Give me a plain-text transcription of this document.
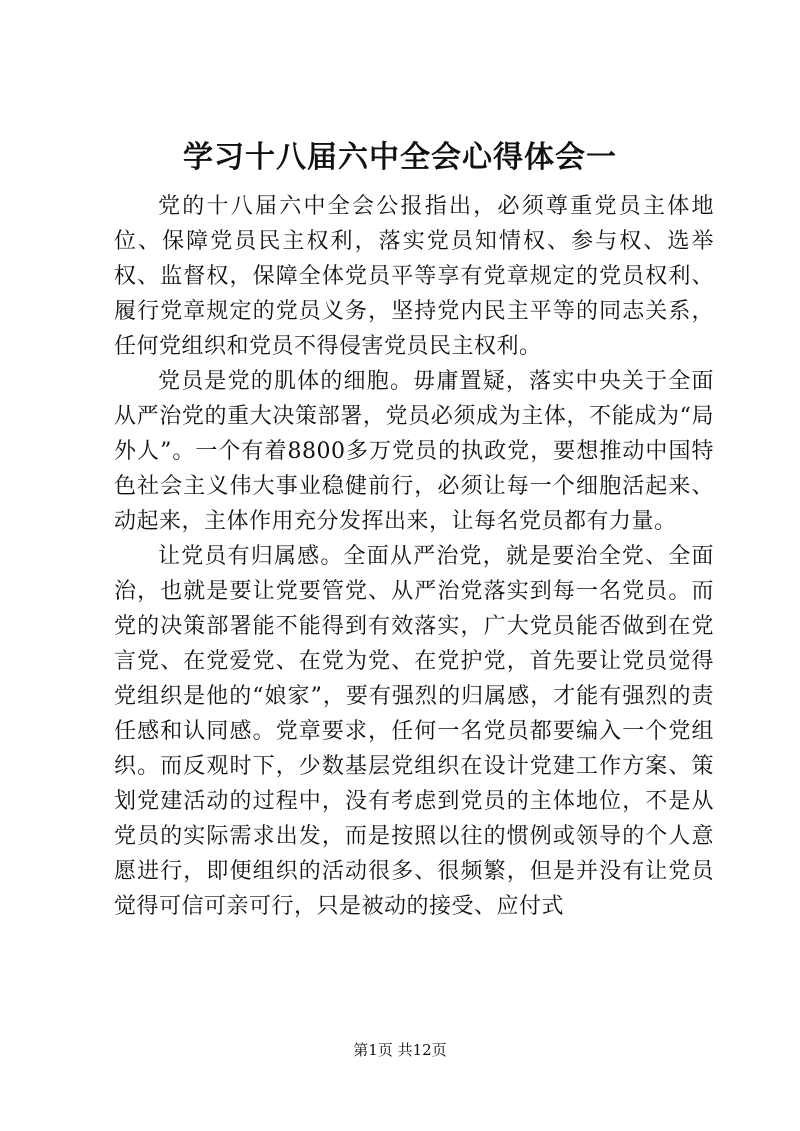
学习十八届六中全会心得体会一

党的十八届六中全会公报指出，必须尊重党员主体地位、保障党员民主权利，落实党员知情权、参与权、选举权、监督权，保障全体党员平等享有党章规定的党员权利、履行党章规定的党员义务，坚持党内民主平等的同志关系，任何党组织和党员不得侵害党员民主权利。

党员是党的肌体的细胞。毋庸置疑，落实中央关于全面从严治党的重大决策部署，党员必须成为主体，不能成为“局外人”。一个有着8800多万党员的执政党，要想推动中国特色社会主义伟大事业稳健前行，必须让每一个细胞活起来、动起来，主体作用充分发挥出来，让每名党员都有力量。

让党员有归属感。全面从严治党，就是要治全党、全面治，也就是要让党要管党、从严治党落实到每一名党员。而党的决策部署能不能得到有效落实，广大党员能否做到在党言党、在党爱党、在党为党、在党护党，首先要让党员觉得党组织是他的“娘家”，要有强烈的归属感，才能有强烈的责任感和认同感。党章要求，任何一名党员都要编入一个党组织。而反观时下，少数基层党组织在设计党建工作方案、策划党建活动的过程中，没有考虑到党员的主体地位，不是从党员的实际需求出发，而是按照以往的惯例或领导的个人意愿进行，即便组织的活动很多、很频繁，但是并没有让党员觉得可信可亲可行，只是被动的接受、应付式

第1页 共12页
